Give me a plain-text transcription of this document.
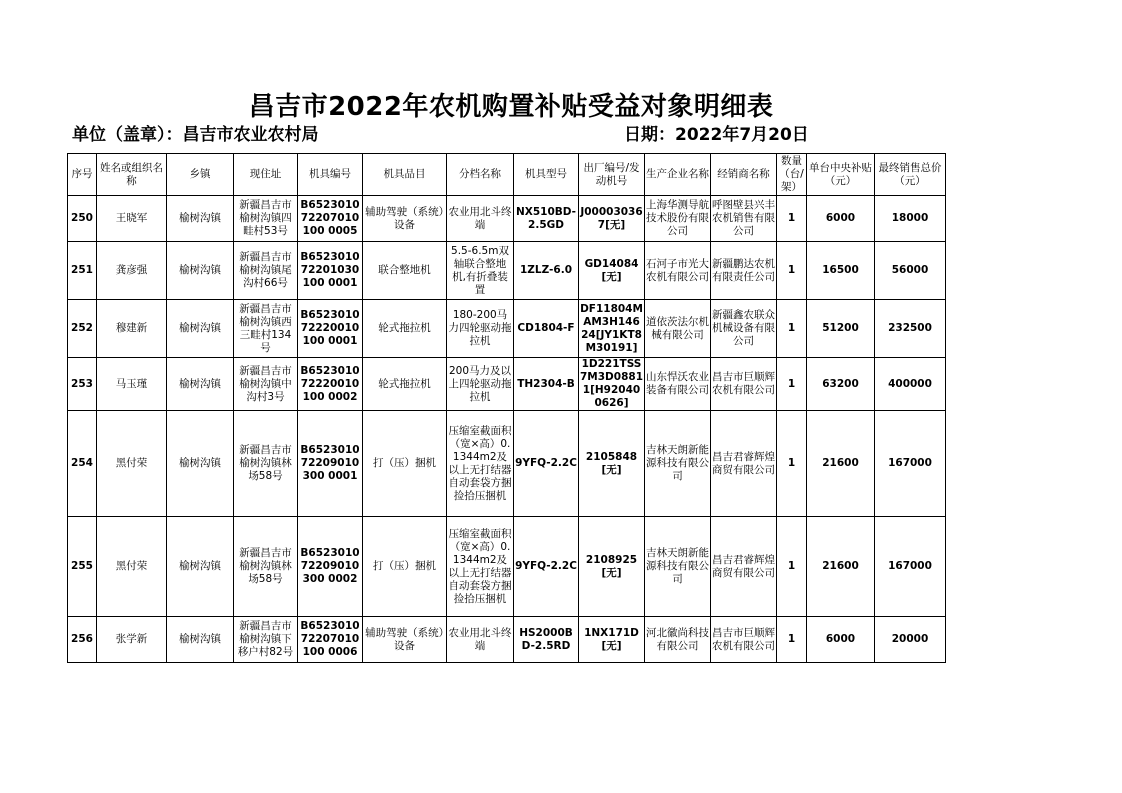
昌吉市2022年农机购置补贴受益对象明细表
单位（盖章）：昌吉市农业农村局	日期：2022年7月20日
序号	姓名或组织名称	乡镇	现住址	机具编号	机具品目	分档名称	机具型号	出厂编号/发动机号	生产企业名称	经销商名称	数量（台/架）	单台中央补贴（元）	最终销售总价（元）
250	王晓军	榆树沟镇	新疆昌吉市榆树沟镇四畦村53号	B652301072207010100 0005	辅助驾驶（系统）设备	农业用北斗终端	NX510BD-2.5GD	J000030367[无]	上海华测导航技术股份有限公司	呼图壁县兴丰农机销售有限公司	1	6000	18000
251	龚彦强	榆树沟镇	新疆昌吉市榆树沟镇尾沟村66号	B652301072201030100 0001	联合整地机	5.5-6.5m双轴联合整地机,有折叠装置	1ZLZ-6.0	GD14084[无]	石河子市光大农机有限公司	新疆鹏达农机有限责任公司	1	16500	56000
252	穆建新	榆树沟镇	新疆昌吉市榆树沟镇西三畦村134号	B652301072220010100 0001	轮式拖拉机	180-200马力四轮驱动拖拉机	CD1804-F	DF11804MAM3H14624[JY1KT8M30191]	道依茨法尔机械有限公司	新疆鑫农联众机械设备有限公司	1	51200	232500
253	马玉瑾	榆树沟镇	新疆昌吉市榆树沟镇中沟村3号	B652301072220010100 0002	轮式拖拉机	200马力及以上四轮驱动拖拉机	TH2304-B	1D221TSS7M3D08811[H920400626]	山东悍沃农业装备有限公司	昌吉市巨顺辉农机有限公司	1	63200	400000
254	黑付荣	榆树沟镇	新疆昌吉市榆树沟镇林场58号	B652301072209010300 0001	打（压）捆机	压缩室截面积（宽×高）0.1344m2及以上无打结器自动套袋方捆捡拾压捆机	9YFQ-2.2C	2105848[无]	吉林天朗新能源科技有限公司	昌吉君睿辉煌商贸有限公司	1	21600	167000
255	黑付荣	榆树沟镇	新疆昌吉市榆树沟镇林场58号	B652301072209010300 0002	打（压）捆机	压缩室截面积（宽×高）0.1344m2及以上无打结器自动套袋方捆捡拾压捆机	9YFQ-2.2C	2108925[无]	吉林天朗新能源科技有限公司	昌吉君睿辉煌商贸有限公司	1	21600	167000
256	张学新	榆树沟镇	新疆昌吉市榆树沟镇下移户村82号	B652301072207010100 0006	辅助驾驶（系统）设备	农业用北斗终端	HS2000BD-2.5RD	1NX171D[无]	河北徽尚科技有限公司	昌吉市巨顺辉农机有限公司	1	6000	20000
